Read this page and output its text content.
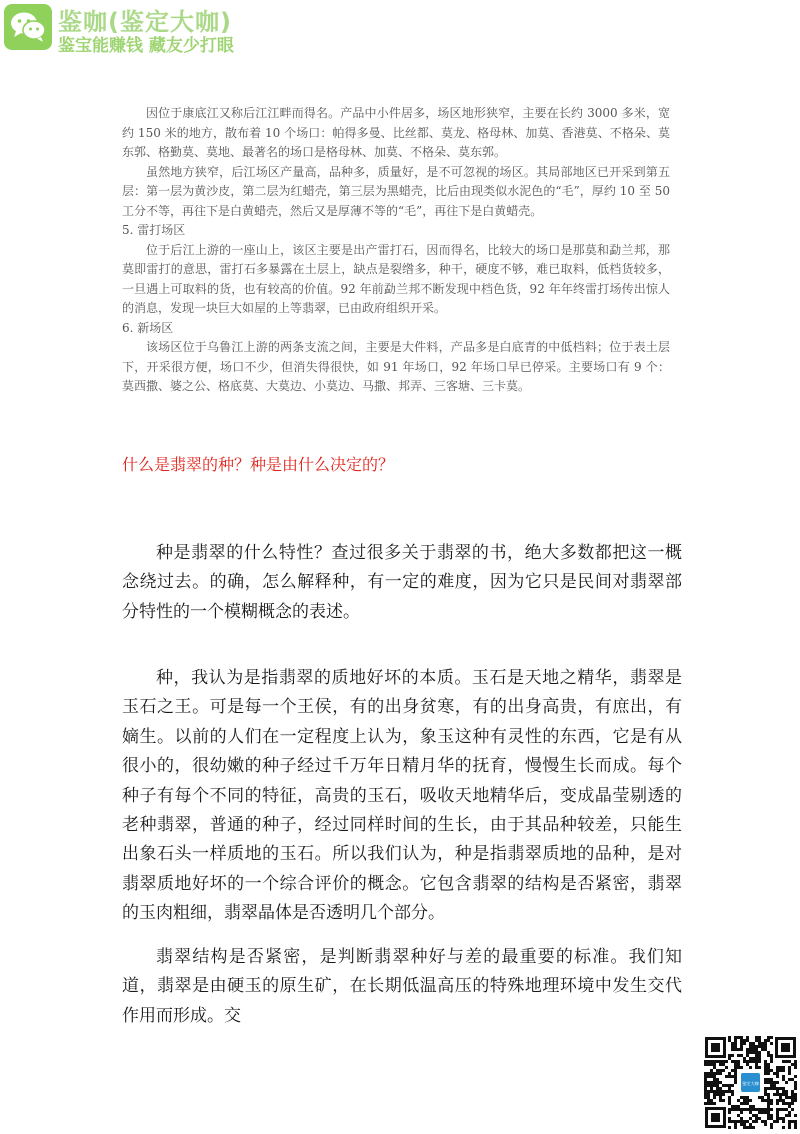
鉴咖(鉴定大咖)
鉴宝能赚钱 藏友少打眼

因位于康底江又称后江江畔而得名。产品中小件居多，场区地形狭窄，主要在长约 3000 多米，宽约 150 米的地方，散布着 10 个场口：帕得多曼、比丝都、莫龙、格母林、加莫、香港莫、不格朵、莫东郭、格勤莫、莫地、最著名的场口是格母林、加莫、不格朵、莫东郭。

虽然地方狭窄，后江场区产量高，品种多，质量好，是不可忽视的场区。其局部地区已开采到第五层：第一层为黄沙皮，第二层为红蜡壳，第三层为黑蜡壳，比后由现类似水泥色的“毛”，厚约 10 至 50 工分不等，再往下是白黄蜡壳，然后又是厚薄不等的“毛”，再往下是白黄蜡壳。

5. 雷打场区

位于后江上游的一座山上，该区主要是出产雷打石，因而得名，比较大的场口是那莫和勐兰邦，那莫即雷打的意思，雷打石多暴露在土层上，缺点是裂绺多，种干，硬度不够，难已取料，低档货较多，一旦遇上可取料的货，也有较高的价值。92 年前勐兰邦不断发现中档色货，92 年年终雷打场传出惊人的消息，发现一块巨大如屋的上等翡翠，已由政府组织开采。

6. 新场区

该场区位于乌鲁江上游的两条支流之间，主要是大件料，产品多是白底青的中低档料；位于表土层下，开采很方便，场口不少，但消失得很快，如 91 年场口，92 年场口早已停采。主要场口有 9 个：莫西撒、婆之公、格底莫、大莫边、小莫边、马撒、邦弄、三客塘、三卡莫。

什么是翡翠的种？种是由什么决定的？

种是翡翠的什么特性？查过很多关于翡翠的书，绝大多数都把这一概念绕过去。的确，怎么解释种，有一定的难度，因为它只是民间对翡翠部分特性的一个模糊概念的表述。

种，我认为是指翡翠的质地好坏的本质。玉石是天地之精华，翡翠是玉石之王。可是每一个王侯，有的出身贫寒，有的出身高贵，有庶出，有嫡生。以前的人们在一定程度上认为，象玉这种有灵性的东西，它是有从很小的，很幼嫩的种子经过千万年日精月华的抚育，慢慢生长而成。每个种子有每个不同的特征，高贵的玉石，吸收天地精华后，变成晶莹剔透的老种翡翠，普通的种子，经过同样时间的生长，由于其品种较差，只能生出象石头一样质地的玉石。所以我们认为，种是指翡翠质地的品种，是对翡翠质地好坏的一个综合评价的概念。它包含翡翠的结构是否紧密，翡翠的玉肉粗细，翡翠晶体是否透明几个部分。

翡翠结构是否紧密，是判断翡翠种好与差的最重要的标准。我们知道，翡翠是由硬玉的原生矿，在长期低温高压的特殊地理环境中发生交代作用而形成。交

鉴定大咖
